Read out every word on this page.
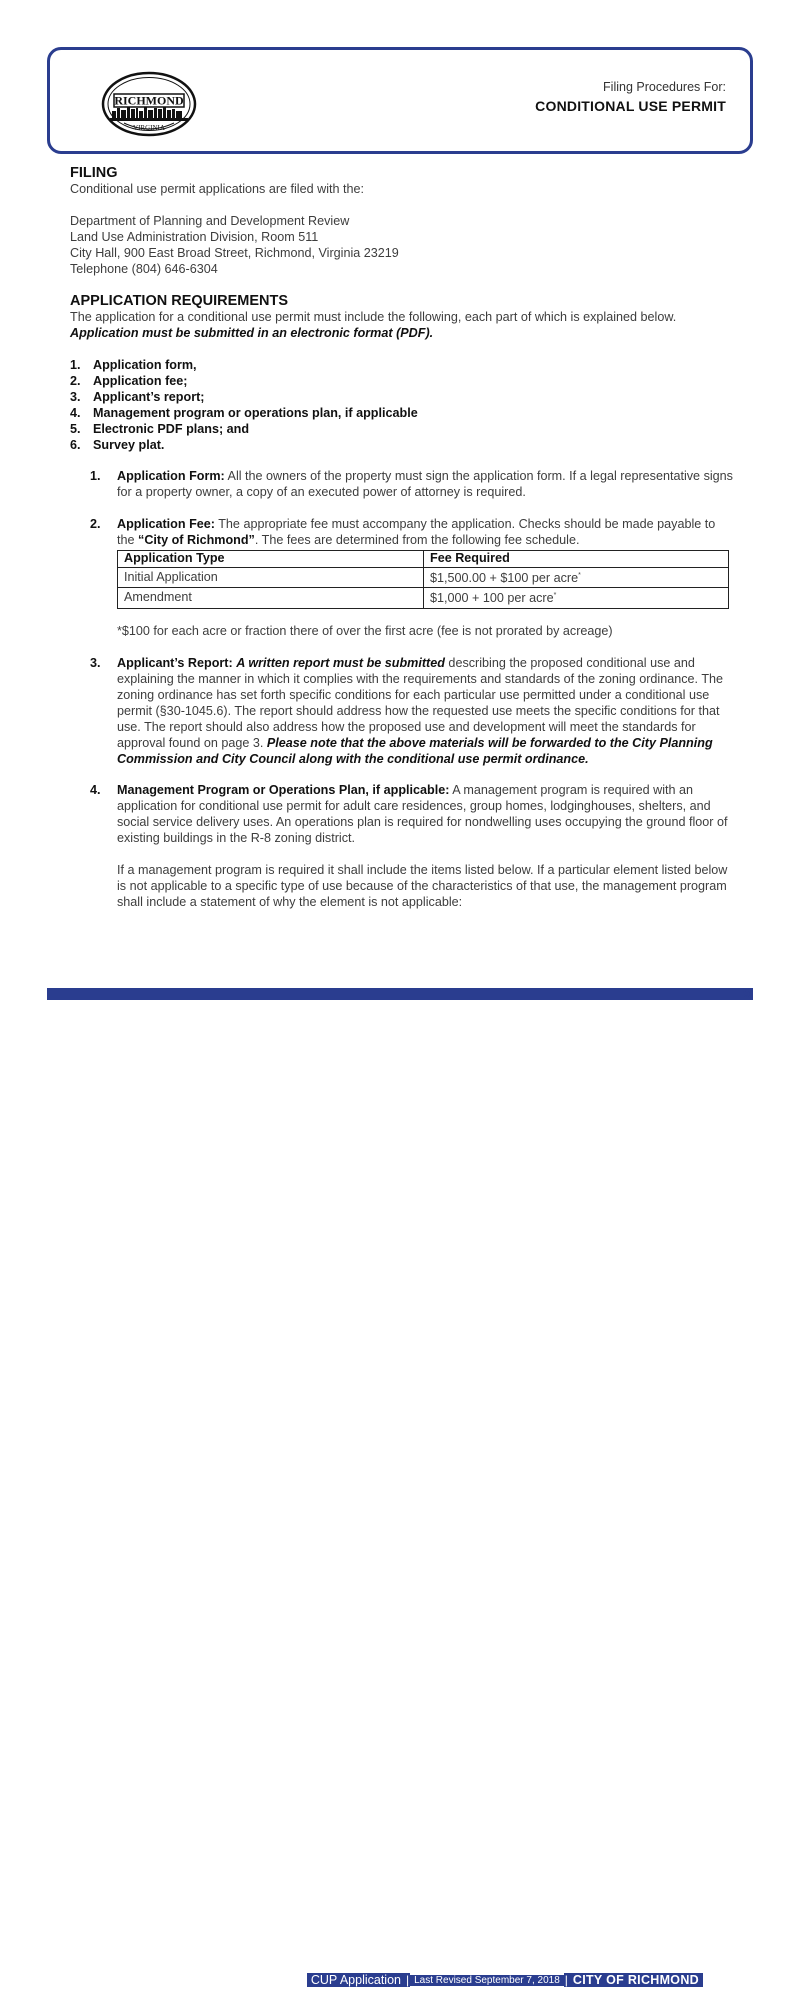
RICHMOND
VIRGINIA
Filing Procedures For:
CONDITIONAL USE PERMIT
FILING

Conditional use permit applications are filed with the:

Department of Planning and Development Review

Land Use Administration Division, Room 511

City Hall, 900 East Broad Street, Richmond, Virginia 23219

Telephone (804) 646-6304

APPLICATION REQUIREMENTS

The application for a conditional use permit must include the following, each part of which is explained below. Application must be submitted in an electronic format (PDF).

1. Application form,
2. Application fee;
3. Applicant’s report;
4. Management program or operations plan, if applicable
5. Electronic PDF plans; and
6. Survey plat.
1.	Application Form: All the owners of the property must sign the application form. If a legal representative signs for a property owner, a copy of an executed power of attorney is required.

2.	Application Fee: The appropriate fee must accompany the application. Checks should be made payable to the “City of Richmond”. The fees are determined from the following fee schedule.

Application Type	Fee Required
Initial Application	$1,500.00 + $100 per acre*
Amendment	$1,000 + 100 per acre*

*$100 for each acre or fraction there of over the first acre (fee is not prorated by acreage)

3.	Applicant’s Report: A written report must be submitted describing the proposed conditional use and explaining the manner in which it complies with the requirements and standards of the zoning ordinance. The zoning ordinance has set forth specific conditions for each particular use permitted under a conditional use permit (§30-1045.6). The report should address how the requested use meets the specific conditions for that use. The report should also address how the proposed use and development will meet the standards for approval found on page 3. Please note that the above materials will be forwarded to the City Planning Commission and City Council along with the conditional use permit ordinance.

4.	Management Program or Operations Plan, if applicable: A management program is required with an application for conditional use permit for adult care residences, group homes, lodginghouses, shelters, and social service delivery uses. An operations plan is required for nondwelling uses occupying the ground floor of existing buildings in the R-8 zoning district.

If a management program is required it shall include the items listed below. If a particular element listed below is not applicable to a specific type of use because of the characteristics of that use, the management program shall include a statement of why the element is not applicable:

CUP Application | Last Revised September 7, 2018 | CITY OF RICHMOND
5
